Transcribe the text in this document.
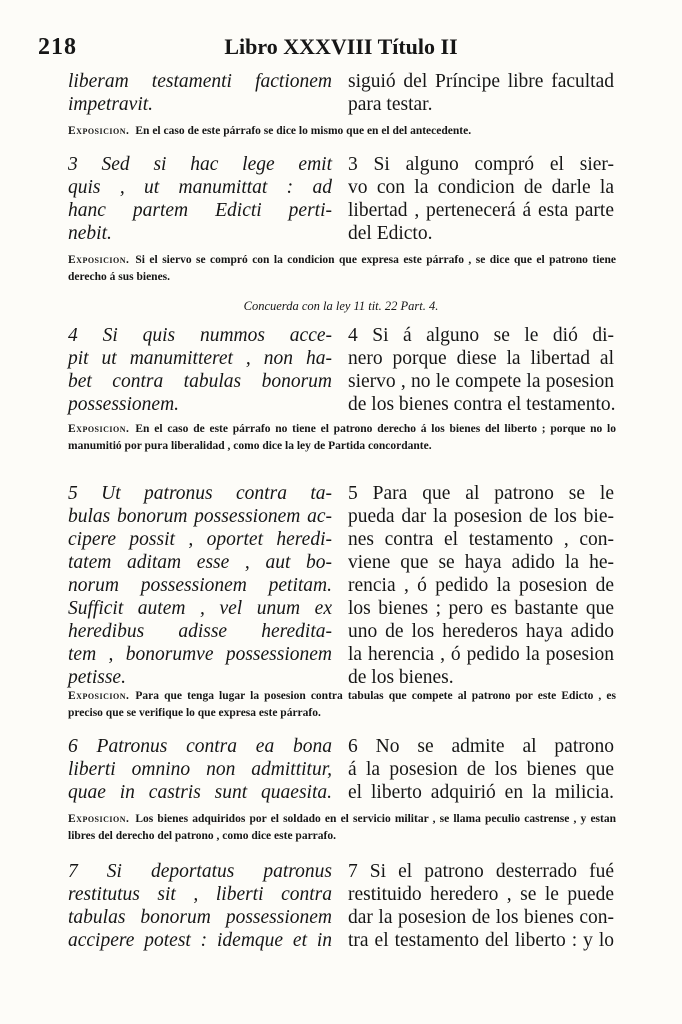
218	Libro XXXVIII Título II
liberam testamenti factionem
impetravit.
siguió del Príncipe libre facultad
para testar.
Exposicion. En el caso de este párrafo se dice lo mismo que en el del antecedente.
3 Sed si hac lege emit
quis , ut manumittat : ad
hanc partem Edicti perti-
nebit.
3 Si alguno compró el sier-
vo con la condicion de darle la
libertad , pertenecerá á esta parte
del Edicto.
Exposicion. Si el siervo se compró con la condicion que expresa este párrafo , se dice que el patrono tiene derecho á sus bienes.
Concuerda con la ley 11 tit. 22 Part. 4.
4 Si quis nummos acce-
pit ut manumitteret , non ha-
bet contra tabulas bonorum
possessionem.
4 Si á alguno se le dió di-
nero porque diese la libertad al
siervo , no le compete la posesion
de los bienes contra el testamento.
Exposicion. En el caso de este párrafo no tiene el patrono derecho á los bienes del liberto ; porque no lo manumitió por pura liberalidad , como dice la ley de Partida concordante.
5 Ut patronus contra ta-
bulas bonorum possessionem ac-
cipere possit , oportet heredi-
tatem aditam esse , aut bo-
norum possessionem petitam.
Sufficit autem , vel unum ex
heredibus adisse heredita-
tem , bonorumve possessionem
petisse.
5 Para que al patrono se le
pueda dar la posesion de los bie-
nes contra el testamento , con-
viene que se haya adido la he-
rencia , ó pedido la posesion de
los bienes ; pero es bastante que
uno de los herederos haya adido
la herencia , ó pedido la posesion
de los bienes.
Exposicion. Para que tenga lugar la posesion contra tabulas que compete al patrono por este Edicto , es preciso que se verifique lo que expresa este párrafo.
6 Patronus contra ea bona
liberti omnino non admittitur,
quae in castris sunt quaesita.
6 No se admite al patrono
á la posesion de los bienes que
el liberto adquirió en la milicia.
Exposicion. Los bienes adquiridos por el soldado en el servicio militar , se llama peculio castrense , y estan libres del derecho del patrono , como dice este parrafo.
7 Si deportatus patronus
restitutus sit , liberti contra
tabulas bonorum possessionem
accipere potest : idemque et in
7 Si el patrono desterrado fué
restituido heredero , se le puede
dar la posesion de los bienes con-
tra el testamento del liberto : y lo
